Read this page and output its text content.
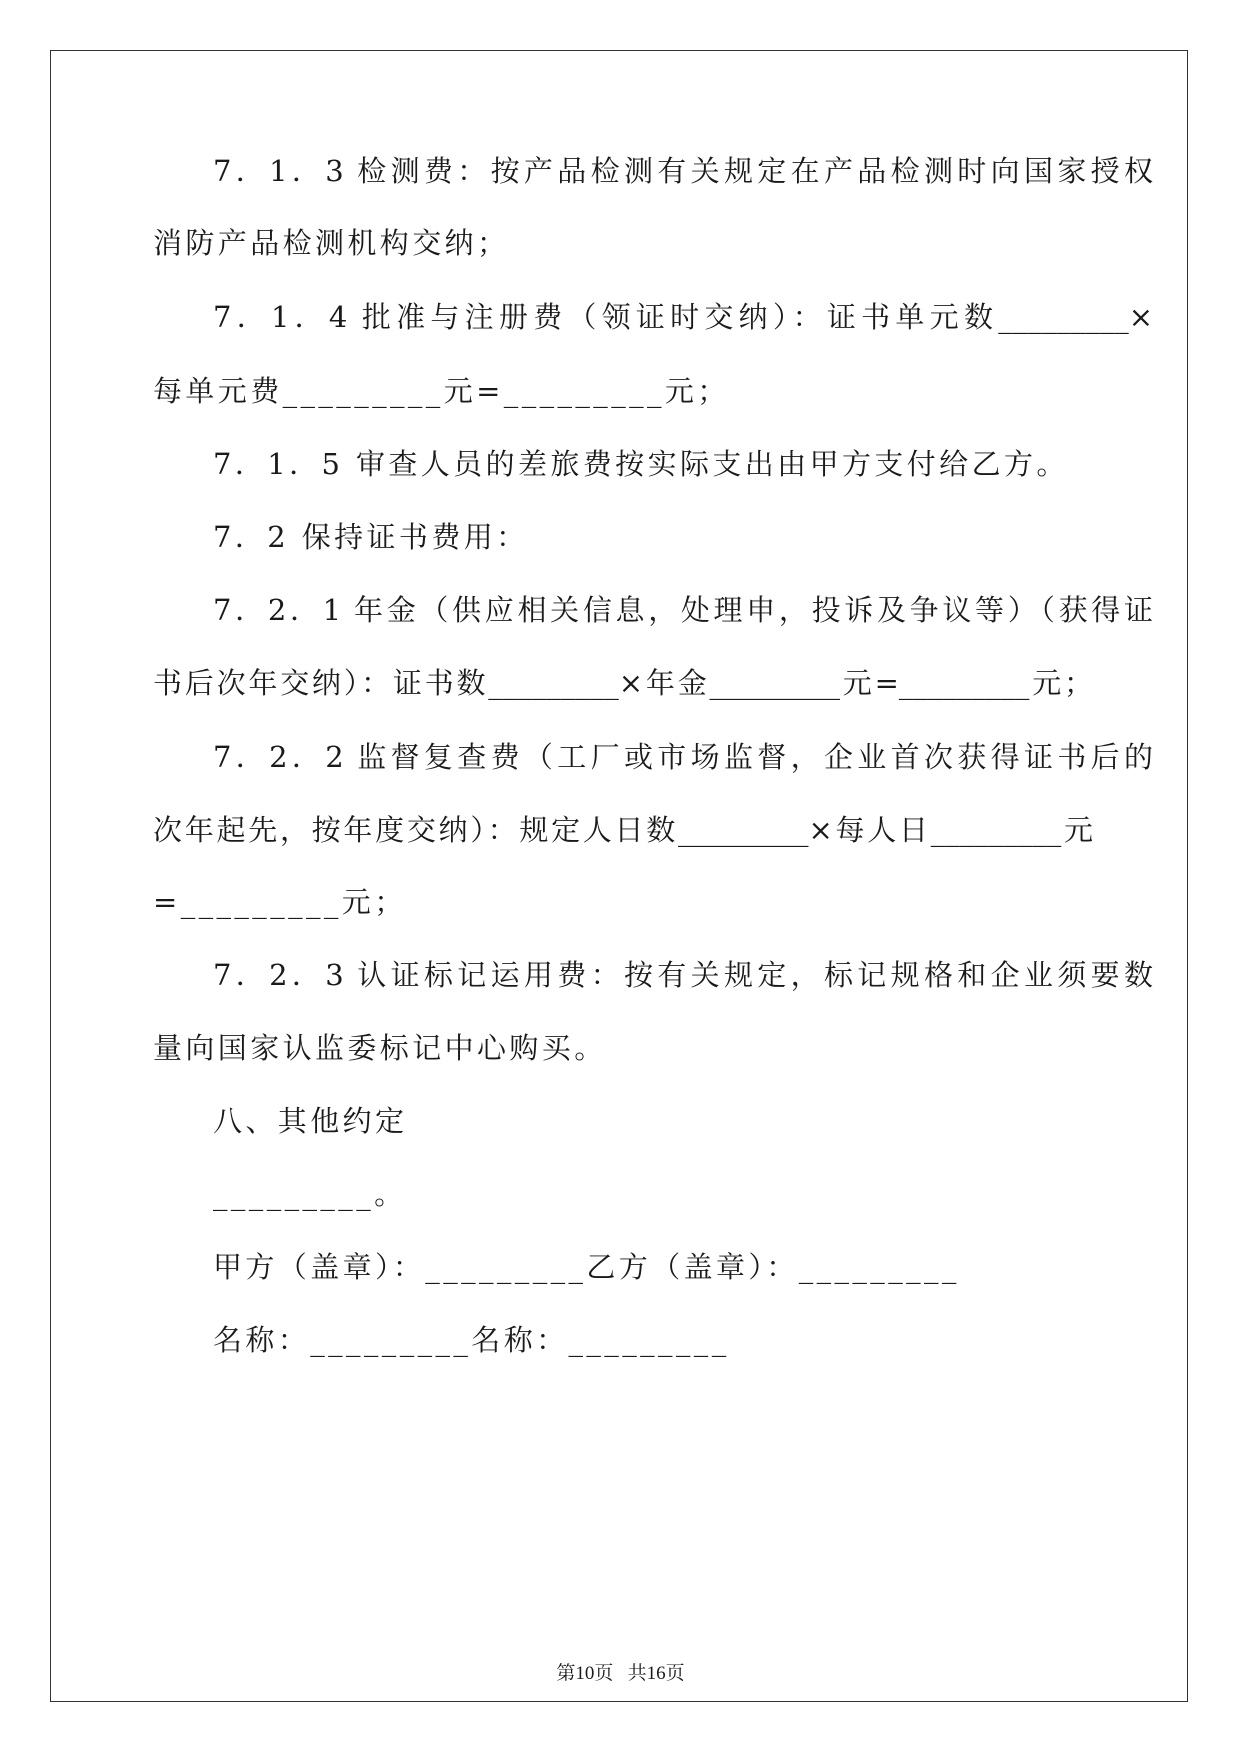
7．1．3 检测费：按产品检测有关规定在产品检测时向国家授权
消防产品检测机构交纳；
7．1．4 批准与注册费（领证时交纳）：证书单元数_________×
每单元费_________元=_________元；
7．1．5 审查人员的差旅费按实际支出由甲方支付给乙方。
7．2 保持证书费用：
7．2．1 年金（供应相关信息，处理申，投诉及争议等）（获得证
书后次年交纳）：证书数_________×年金_________元=_________元；
7．2．2 监督复查费（工厂或市场监督，企业首次获得证书后的
次年起先，按年度交纳）：规定人日数_________×每人日_________元
=_________元；
7．2．3 认证标记运用费：按有关规定，标记规格和企业须要数
量向国家认监委标记中心购买。
八、其他约定
_________。
甲方（盖章）：_________乙方（盖章）：_________
名称：_________名称：_________
第10页   共16页
